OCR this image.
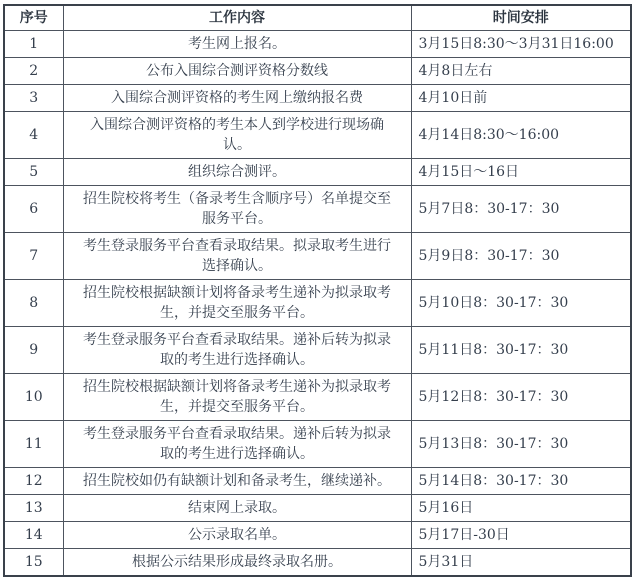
序号	工作内容	时间安排
1	考生网上报名。	3月15日8:30～3月31日16:00
2	公布入围综合测评资格分数线	4月8日左右
3	入围综合测评资格的考生网上缴纳报名费	4月10日前
4	入围综合测评资格的考生本人到学校进行现场确认。	4月14日8:30～16:00
5	组织综合测评。	4月15日～16日
6	招生院校将考生（备录考生含顺序号）名单提交至服务平台。	5月7日8：30-17：30
7	考生登录服务平台查看录取结果。拟录取考生进行选择确认。	5月9日8：30-17：30
8	招生院校根据缺额计划将备录考生递补为拟录取考生，并提交至服务平台。	5月10日8：30-17：30
9	考生登录服务平台查看录取结果。递补后转为拟录取的考生进行选择确认。	5月11日8：30-17：30
10	招生院校根据缺额计划将备录考生递补为拟录取考生，并提交至服务平台。	5月12日8：30-17：30
11	考生登录服务平台查看录取结果。递补后转为拟录取的考生进行选择确认。	5月13日8：30-17：30
12	招生院校如仍有缺额计划和备录考生，继续递补。	5月14日8：30-17：30
13	结束网上录取。	5月16日
14	公示录取名单。	5月17日-30日
15	根据公示结果形成最终录取名册。	5月31日
